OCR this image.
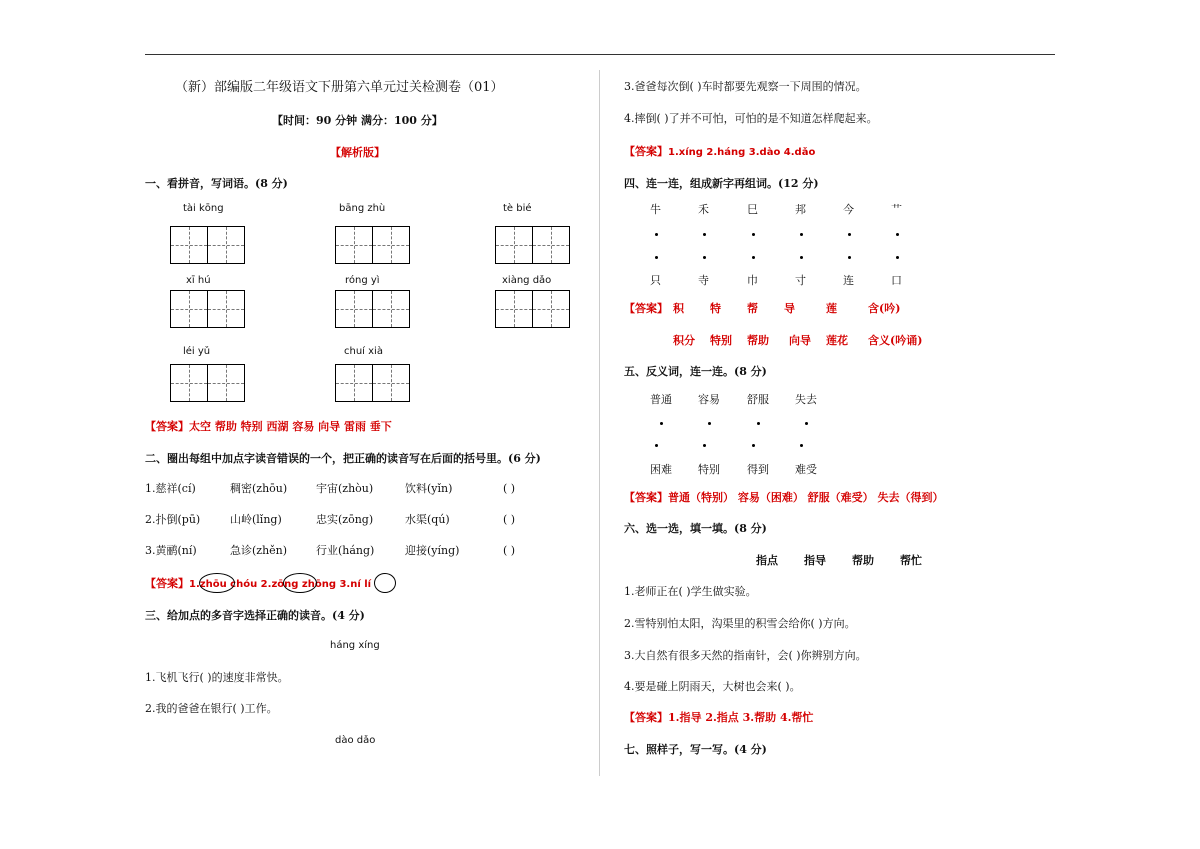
（新）部编版二年级语文下册第六单元过关检测卷（01）
【时间：90 分钟 满分：100 分】
【解析版】
一、看拼音，写词语。(8 分)
tài kōng	bāng zhù	tè bié
xī hú	róng yì	xiàng dǎo
léi yǔ	chuí xià
【答案】太空 帮助 特别 西湖 容易 向导 雷雨 垂下
二、圈出每组中加点字读音错误的一个，把正确的读音写在后面的括号里。(6 分)
1.慈祥(cí)	稠密(zhōu)	宇宙(zhòu)	饮料(yǐn)	( )
2.扑倒(pū)	山岭(lǐng)	忠实(zōng)	水渠(qú)	( )
3.黄鹂(ní)	急诊(zhěn)	行业(háng)	迎接(yíng)	( )
【答案】1.zhōu chóu 2.zōng zhōng 3.ní lí
三、给加点的多音字选择正确的读音。(4 分)
háng xíng
1.飞机飞行( )的速度非常快。
2.我的爸爸在银行( )工作。
dào dǎo
3.爸爸每次倒( )车时都要先观察一下周围的情况。
4.摔倒( )了并不可怕，可怕的是不知道怎样爬起来。
【答案】1.xíng 2.háng 3.dào 4.dǎo
四、连一连，组成新字再组词。(12 分)
牛	禾	巳	邦	今	艹
只	寺	巾	寸	连	口
【答案】 积 特 帮 导	莲	含(吟)
积分 特别 帮助 向导 莲花 含义(吟诵)
五、反义词，连一连。(8 分)
普通 容易 舒服 失去
困难 特别 得到 难受
【答案】普通（特别） 容易（困难） 舒服（难受） 失去（得到）
六、选一选，填一填。(8 分)
指点 指导 帮助 帮忙
1.老师正在( )学生做实验。
2.雪特别怕太阳，沟渠里的积雪会给你( )方向。
3.大自然有很多天然的指南针，会( )你辨别方向。
4.要是碰上阴雨天，大树也会来( )。
【答案】1.指导 2.指点 3.帮助 4.帮忙
七、照样子，写一写。(4 分)
